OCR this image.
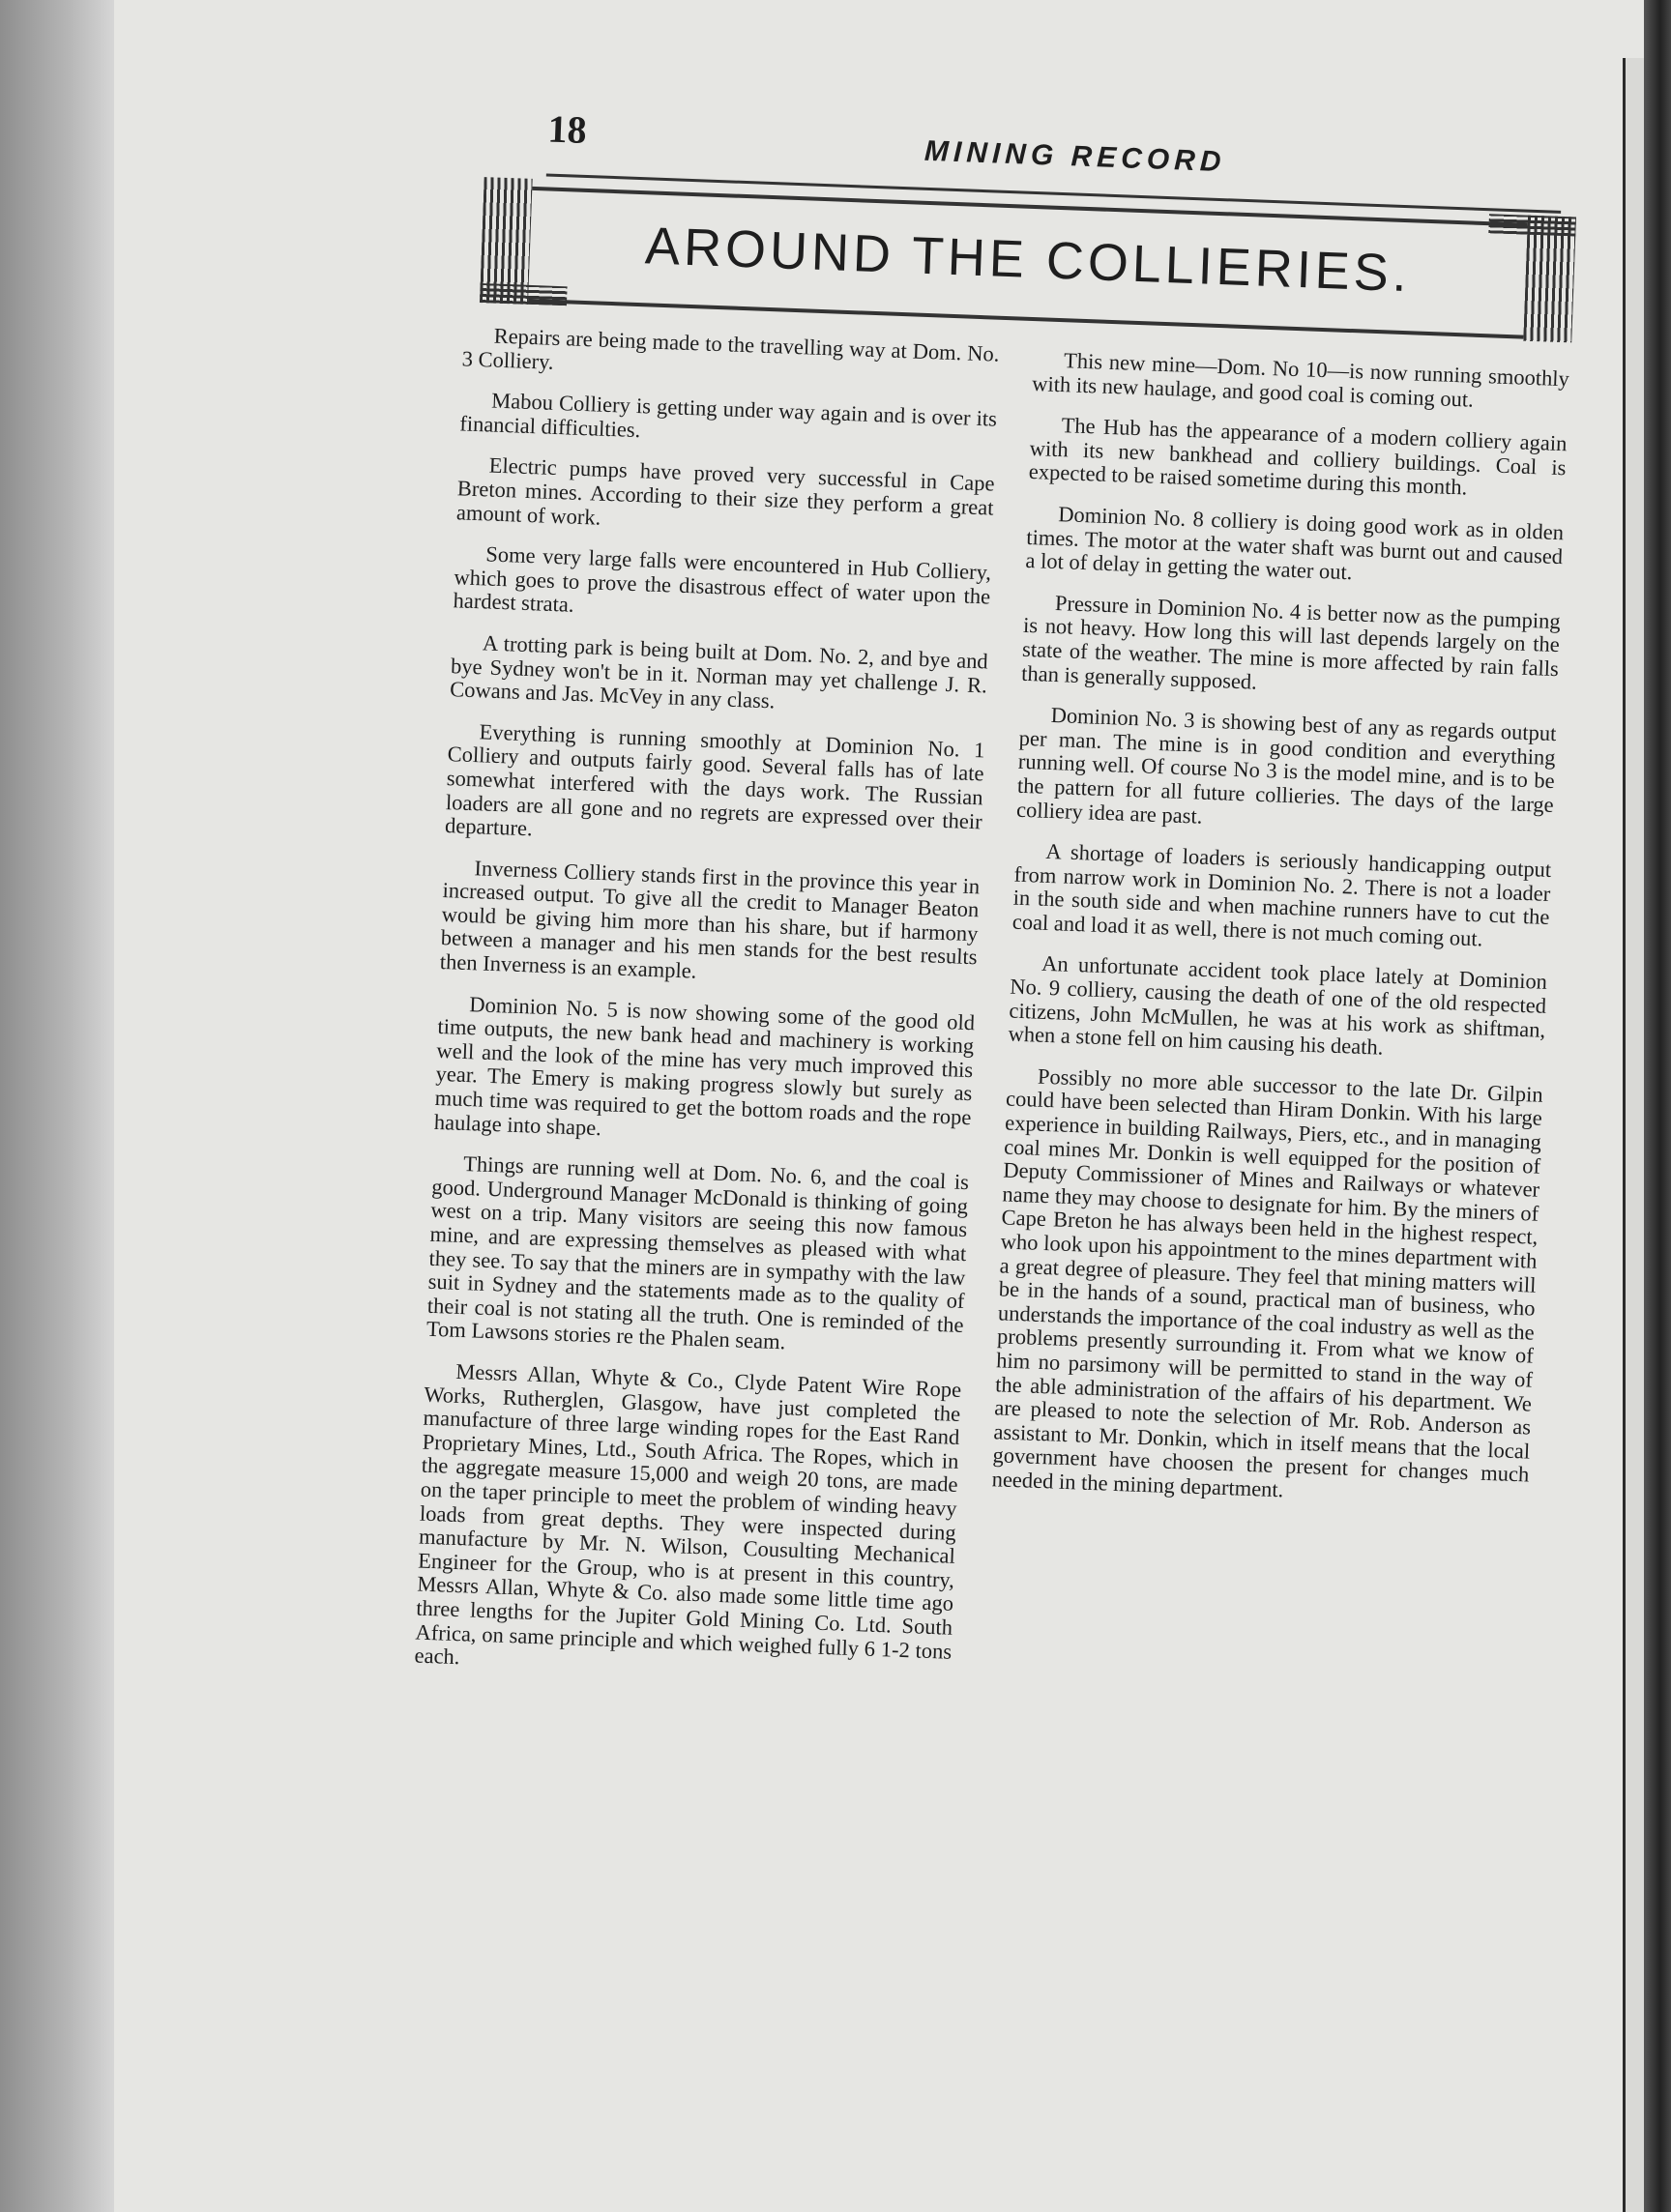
18
MINING RECORD
AROUND THE COLLIERIES.

Repairs are being made to the travelling way at Dom. No. 3 Colliery.

Mabou Colliery is getting under way again and is over its financial difficulties.

Electric pumps have proved very successful in Cape Breton mines. According to their size they perform a great amount of work.

Some very large falls were encountered in Hub Colliery, which goes to prove the disastrous effect of water upon the hardest strata.

A trotting park is being built at Dom. No. 2, and bye and bye Sydney won't be in it. Norman may yet challenge J. R. Cowans and Jas. McVey in any class.

Everything is running smoothly at Dominion No. 1 Colliery and outputs fairly good. Several falls has of late somewhat interfered with the days work. The Russian loaders are all gone and no regrets are expressed over their departure.

Inverness Colliery stands first in the province this year in increased output. To give all the credit to Manager Beaton would be giving him more than his share, but if harmony between a manager and his men stands for the best results then Inverness is an example.

Dominion No. 5 is now showing some of the good old time outputs, the new bank head and machinery is working well and the look of the mine has very much improved this year. The Emery is making progress slowly but surely as much time was required to get the bottom roads and the rope haulage into shape.

Things are running well at Dom. No. 6, and the coal is good. Underground Manager McDonald is thinking of going west on a trip. Many visitors are seeing this now famous mine, and are expressing themselves as pleased with what they see. To say that the miners are in sympathy with the law suit in Sydney and the statements made as to the quality of their coal is not stating all the truth. One is reminded of the Tom Lawsons stories re the Phalen seam.

Messrs Allan, Whyte & Co., Clyde Patent Wire Rope Works, Rutherglen, Glasgow, have just completed the manufacture of three large winding ropes for the East Rand Proprietary Mines, Ltd., South Africa. The Ropes, which in the aggregate measure 15,000 and weigh 20 tons, are made on the taper principle to meet the problem of winding heavy loads from great depths. They were inspected during manufacture by Mr. N. Wilson, Cousulting Mechanical Engineer for the Group, who is at present in this country, Messrs Allan, Whyte & Co. also made some little time ago three lengths for the Jupiter Gold Mining Co. Ltd. South Africa, on same principle and which weighed fully 6 1-2 tons each.

This new mine—Dom. No 10—is now running smoothly with its new haulage, and good coal is coming out.

The Hub has the appearance of a modern colliery again with its new bankhead and colliery buildings. Coal is expected to be raised sometime during this month.

Dominion No. 8 colliery is doing good work as in olden times. The motor at the water shaft was burnt out and caused a lot of delay in getting the water out.

Pressure in Dominion No. 4 is better now as the pumping is not heavy. How long this will last depends largely on the state of the weather. The mine is more affected by rain falls than is generally supposed.

Dominion No. 3 is showing best of any as regards output per man. The mine is in good condition and everything running well. Of course No 3 is the model mine, and is to be the pattern for all future collieries. The days of the large colliery idea are past.

A shortage of loaders is seriously handicapping output from narrow work in Dominion No. 2. There is not a loader in the south side and when machine runners have to cut the coal and load it as well, there is not much coming out.

An unfortunate accident took place lately at Dominion No. 9 colliery, causing the death of one of the old respected citizens, John McMullen, he was at his work as shiftman, when a stone fell on him causing his death.

Possibly no more able successor to the late Dr. Gilpin could have been selected than Hiram Donkin. With his large experience in building Railways, Piers, etc., and in managing coal mines Mr. Donkin is well equipped for the position of Deputy Commissioner of Mines and Railways or whatever name they may choose to designate for him. By the miners of Cape Breton he has always been held in the highest respect, who look upon his appointment to the mines department with a great degree of pleasure. They feel that mining matters will be in the hands of a sound, practical man of business, who understands the importance of the coal industry as well as the problems presently surrounding it. From what we know of him no parsimony will be permitted to stand in the way of the able administration of the affairs of his department. We are pleased to note the selection of Mr. Rob. Anderson as assistant to Mr. Donkin, which in itself means that the local government have choosen the present for changes much needed in the mining department.
